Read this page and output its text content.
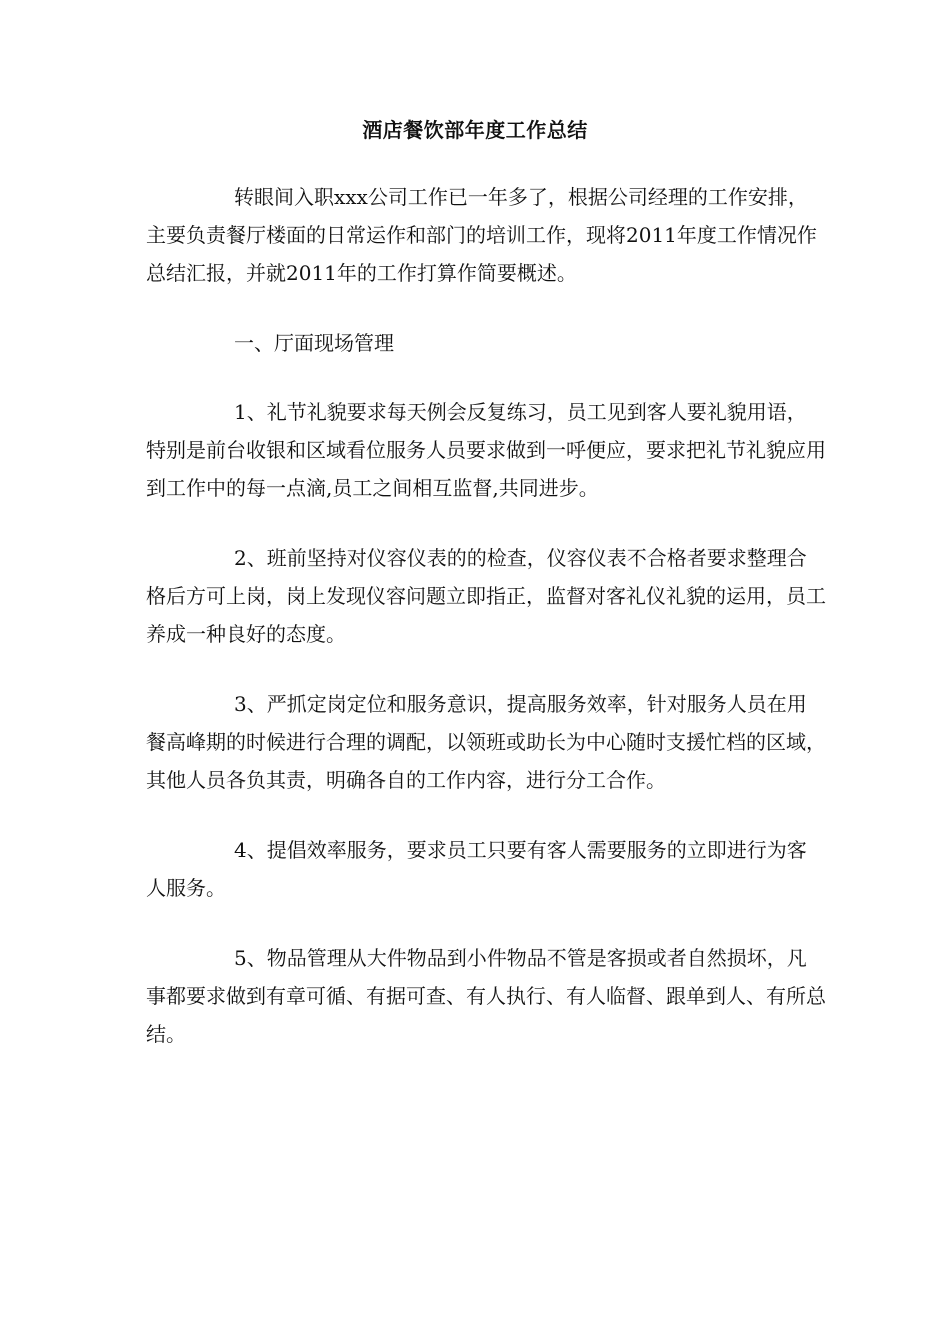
酒店餐饮部年度工作总结

转眼间入职xxx公司工作已一年多了，根据公司经理的工作安排，主要负责餐厅楼面的日常运作和部门的培训工作，现将2011年度工作情况作总结汇报，并就2011年的工作打算作简要概述。

一、厅面现场管理

1、礼节礼貌要求每天例会反复练习，员工见到客人要礼貌用语，特别是前台收银和区域看位服务人员要求做到一呼便应，要求把礼节礼貌应用到工作中的每一点滴,员工之间相互监督,共同进步。

2、班前坚持对仪容仪表的的检查，仪容仪表不合格者要求整理合格后方可上岗，岗上发现仪容问题立即指正，监督对客礼仪礼貌的运用，员工养成一种良好的态度。

3、严抓定岗定位和服务意识，提高服务效率，针对服务人员在用餐高峰期的时候进行合理的调配，以领班或助长为中心随时支援忙档的区域，其他人员各负其责，明确各自的工作内容，进行分工合作。

4、提倡效率服务，要求员工只要有客人需要服务的立即进行为客人服务。

5、物品管理从大件物品到小件物品不管是客损或者自然损坏，凡事都要求做到有章可循、有据可查、有人执行、有人临督、跟单到人、有所总结。
